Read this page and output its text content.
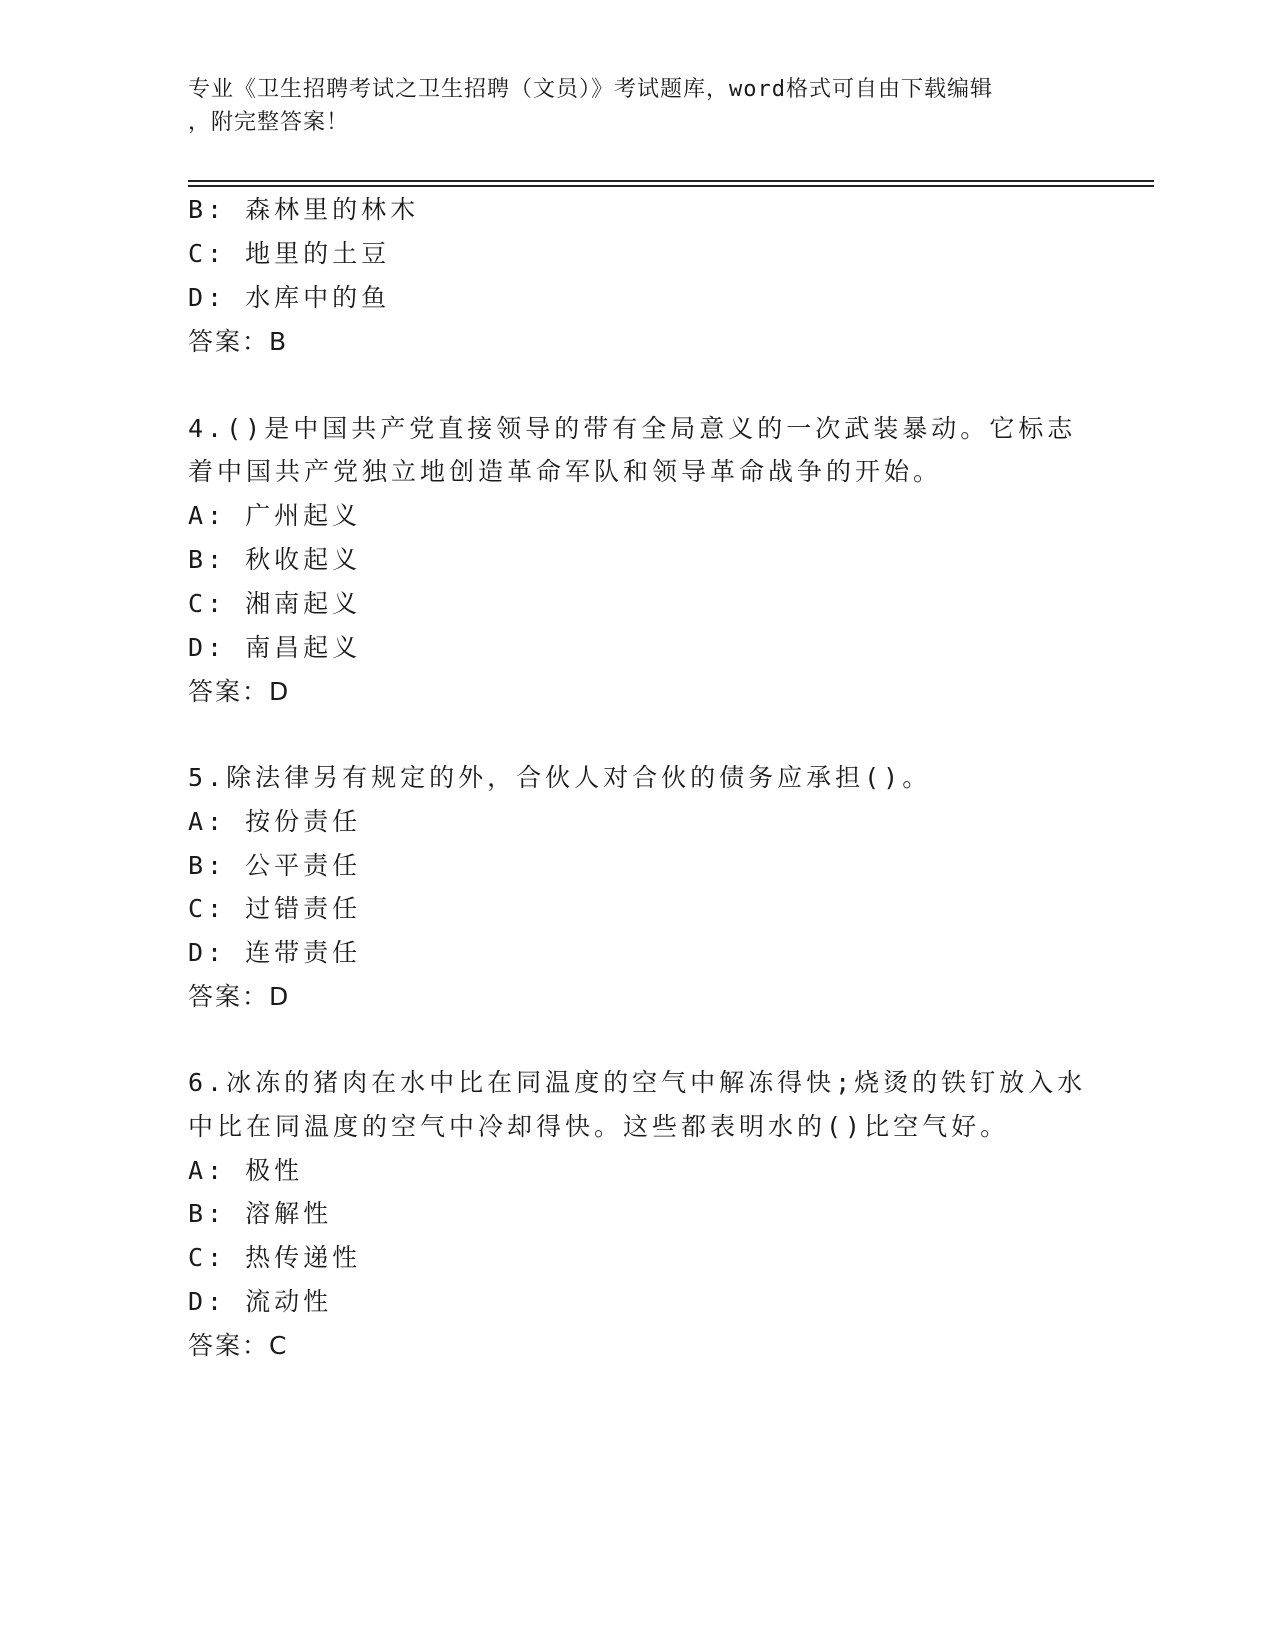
专业《卫生招聘考试之卫生招聘（文员）》考试题库，word格式可自由下载编辑
，附完整答案！
B: 森林里的林木
C: 地里的土豆
D: 水库中的鱼
答案：B
4.()是中国共产党直接领导的带有全局意义的一次武装暴动。它标志
着中国共产党独立地创造革命军队和领导革命战争的开始。
A: 广州起义
B: 秋收起义
C: 湘南起义
D: 南昌起义
答案：D
5.除法律另有规定的外，合伙人对合伙的债务应承担()。
A: 按份责任
B: 公平责任
C: 过错责任
D: 连带责任
答案：D
6.冰冻的猪肉在水中比在同温度的空气中解冻得快;烧烫的铁钉放入水
中比在同温度的空气中冷却得快。这些都表明水的()比空气好。
A: 极性
B: 溶解性
C: 热传递性
D: 流动性
答案：C
